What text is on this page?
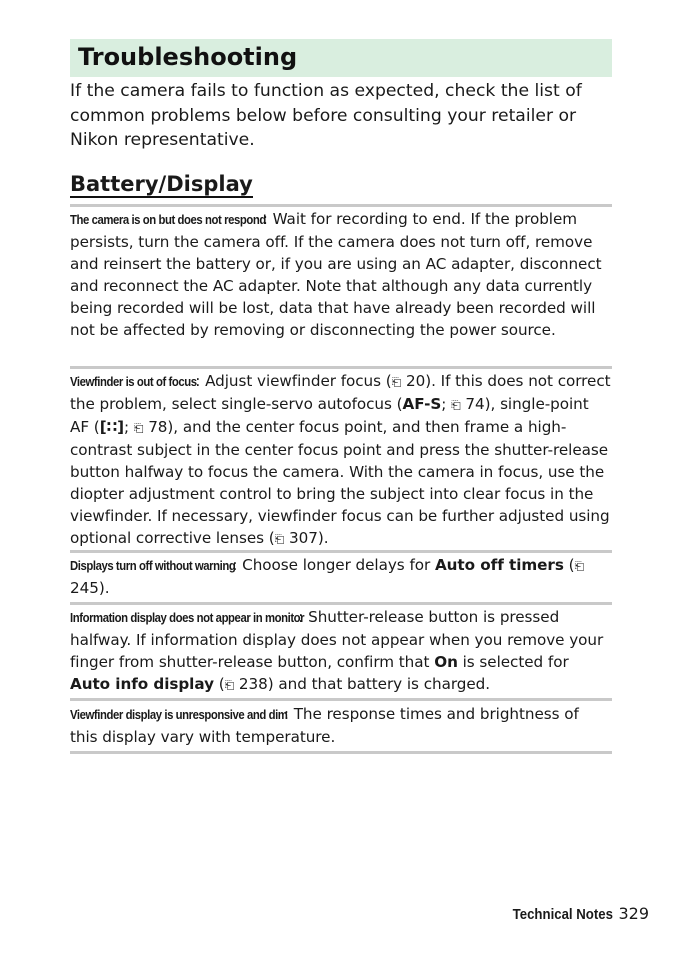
Troubleshooting

If the camera fails to function as expected, check the list of common problems below before consulting your retailer or Nikon representative.

Battery/Display

The camera is on but does not respond: Wait for recording to end. If the problem persists, turn the camera off. If the camera does not turn off, remove and reinsert the battery or, if you are using an AC adapter, disconnect and reconnect the AC adapter. Note that although any data currently being recorded will be lost, data that have already been recorded will not be affected by removing or disconnecting the power source.

Viewfinder is out of focus: Adjust viewfinder focus (⎗ 20). If this does not correct the problem, select single-servo autofocus (AF-S; ⎗ 74), single-point AF ([∷]; ⎗ 78), and the center focus point, and then frame a high-contrast subject in the center focus point and press the shutter-release button halfway to focus the camera. With the camera in focus, use the diopter adjustment control to bring the subject into clear focus in the viewfinder. If necessary, viewfinder focus can be further adjusted using optional corrective lenses (⎗ 307).

Displays turn off without warning: Choose longer delays for Auto off timers (⎗ 245).

Information display does not appear in monitor: Shutter-release button is pressed halfway. If information display does not appear when you remove your finger from shutter-release button, confirm that On is selected for Auto info display (⎗ 238) and that battery is charged.

Viewfinder display is unresponsive and dim: The response times and brightness of this display vary with temperature.

Technical Notes 329
